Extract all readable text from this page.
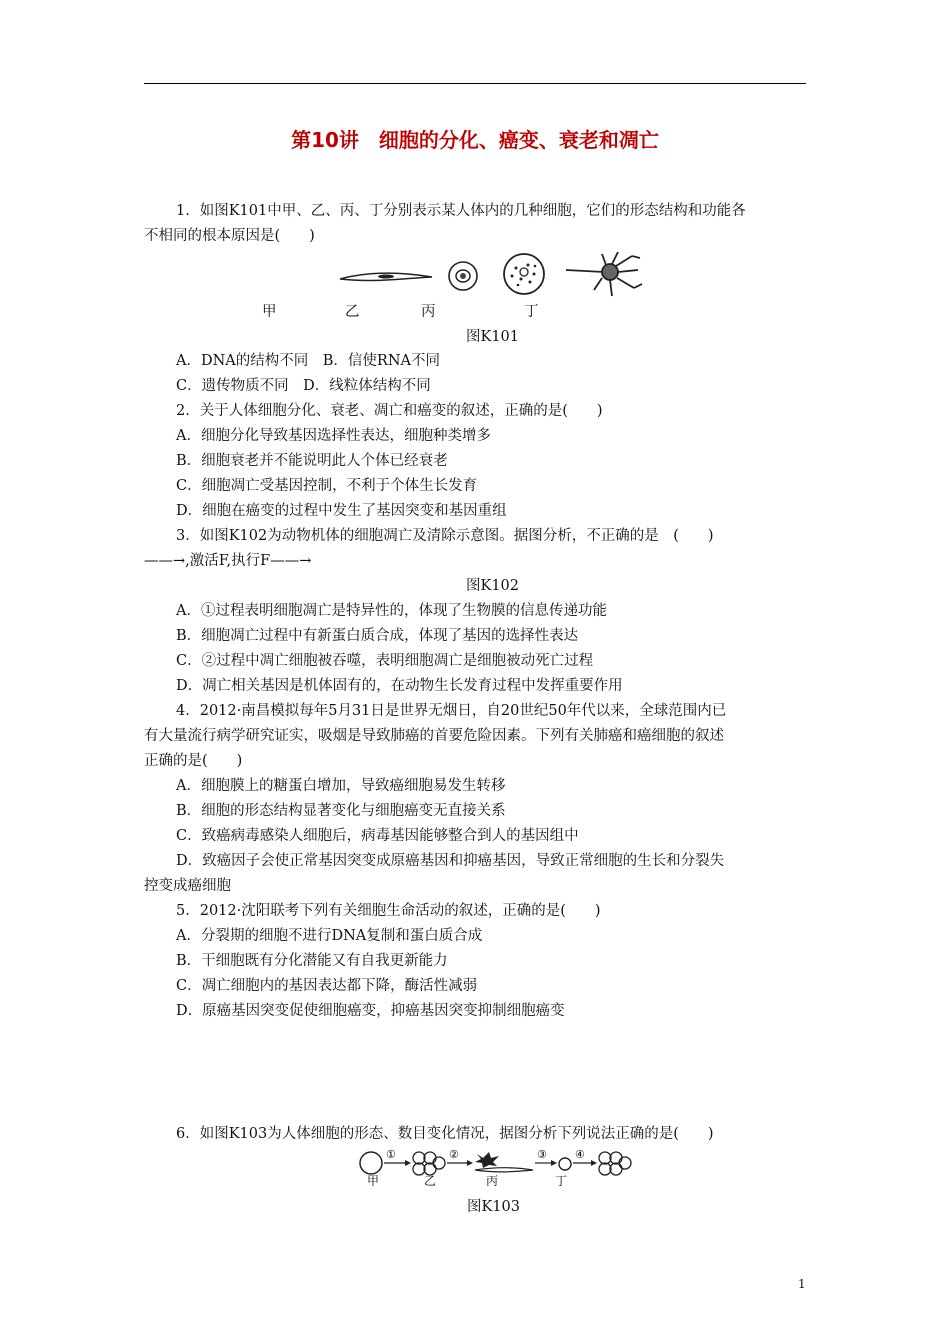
第10讲　细胞的分化、癌变、衰老和凋亡
1．如图K101中甲、乙、丙、丁分别表示某人体内的几种细胞，它们的形态结构和功能各
不相同的根本原因是(　　)
甲	乙	丙	丁
图K101
A．DNA的结构不同　B．信使RNA不同
C．遗传物质不同　D．线粒体结构不同
2．关于人体细胞分化、衰老、凋亡和癌变的叙述，正确的是(　　)
A．细胞分化导致基因选择性表达，细胞种类增多
B．细胞衰老并不能说明此人个体已经衰老
C．细胞凋亡受基因控制，不利于个体生长发育
D．细胞在癌变的过程中发生了基因突变和基因重组
3．如图K102为动物机体的细胞凋亡及清除示意图。据图分析，不正确的是　(　　)
——→,激活F,执行F——→
图K102
A．①过程表明细胞凋亡是特异性的，体现了生物膜的信息传递功能
B．细胞凋亡过程中有新蛋白质合成，体现了基因的选择性表达
C．②过程中凋亡细胞被吞噬，表明细胞凋亡是细胞被动死亡过程
D．凋亡相关基因是机体固有的，在动物生长发育过程中发挥重要作用
4．2012·南昌模拟每年5月31日是世界无烟日，自20世纪50年代以来，全球范围内已
有大量流行病学研究证实，吸烟是导致肺癌的首要危险因素。下列有关肺癌和癌细胞的叙述
正确的是(　　)
A．细胞膜上的糖蛋白增加，导致癌细胞易发生转移
B．细胞的形态结构显著变化与细胞癌变无直接关系
C．致癌病毒感染人细胞后，病毒基因能够整合到人的基因组中
D．致癌因子会使正常基因突变成原癌基因和抑癌基因，导致正常细胞的生长和分裂失
控变成癌细胞
5．2012·沈阳联考下列有关细胞生命活动的叙述，正确的是(　　)
A．分裂期的细胞不进行DNA复制和蛋白质合成
B．干细胞既有分化潜能又有自我更新能力
C．凋亡细胞内的基因表达都下降，酶活性减弱
D．原癌基因突变促使细胞癌变，抑癌基因突变抑制细胞癌变
6．如图K103为人体细胞的形态、数目变化情况，据图分析下列说法正确的是(　　)
①	②	③	④
甲	乙	丙	丁
图K103
1
